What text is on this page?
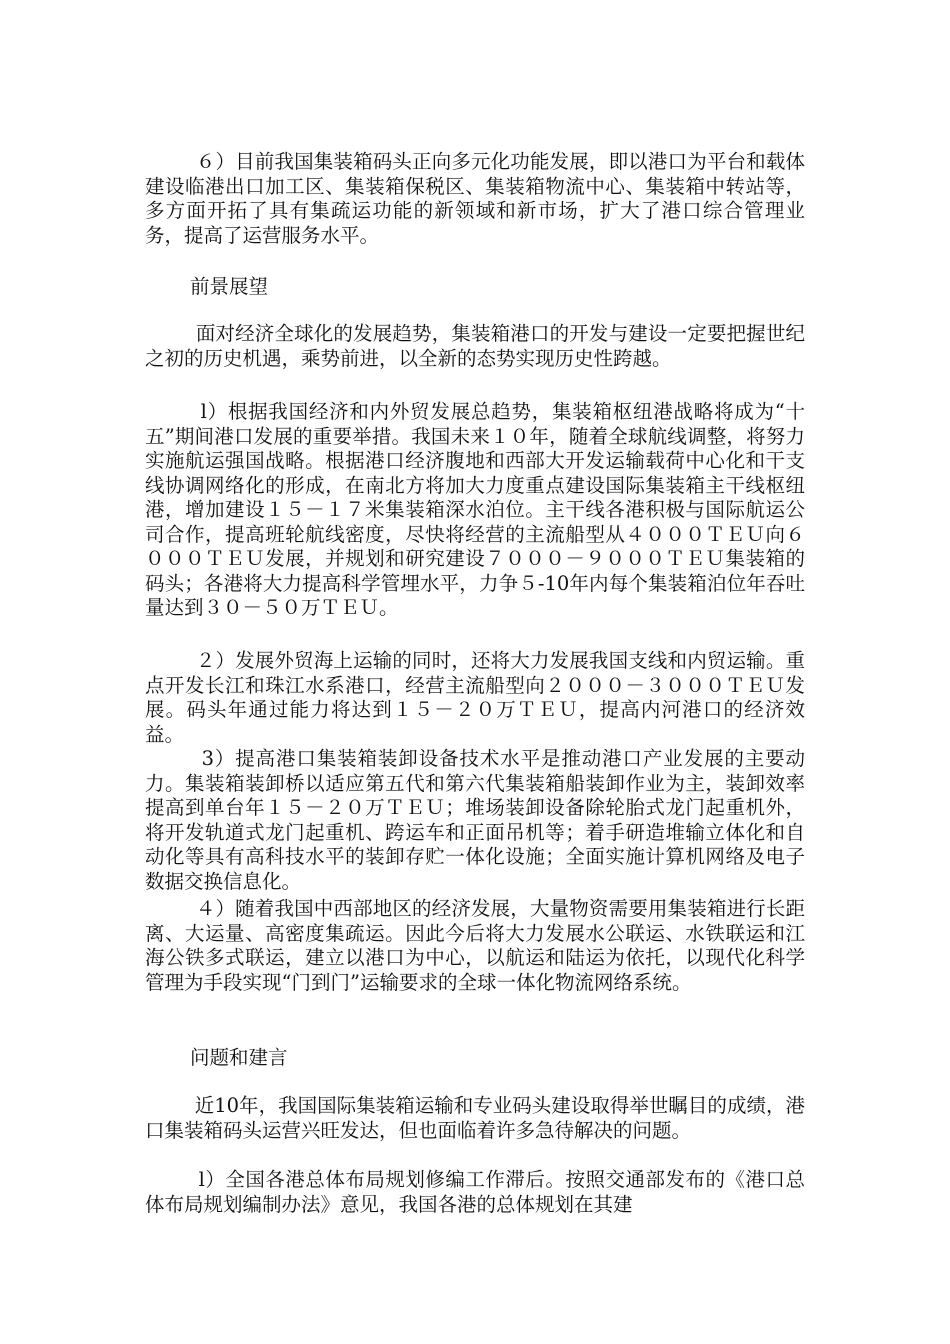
６）目前我国集装箱码头正向多元化功能发展，即以港口为平台和载体建设临港出口加工区、集装箱保税区、集装箱物流中心、集装箱中转站等，多方面开拓了具有集疏运功能的新领域和新市场，扩大了港口综合管理业务，提高了运营服务水平。

前景展望

面对经济全球化的发展趋势，集装箱港口的开发与建设一定要把握世纪之初的历史机遇，乘势前进，以全新的态势实现历史性跨越。

l）根据我国经济和内外贸发展总趋势，集装箱枢纽港战略将成为“十五”期间港口发展的重要举措。我国未来１０年，随着全球航线调整，将努力实施航运强国战略。根据港口经济腹地和西部大开发运输载荷中心化和干支线协调网络化的形成，在南北方将加大力度重点建设国际集装箱主干线枢纽港，增加建设１５－１７米集装箱深水泊位。主干线各港积极与国际航运公司合作，提高班轮航线密度，尽快将经营的主流船型从４０００ＴＥＵ向６０００ＴＥＵ发展，并规划和研究建设７０００－９０００ＴＥＵ集装箱的码头；各港将大力提高科学管埋水平，力争５-10年内每个集装箱泊位年吞吐量达到３０－５０万ＴＥＵ。

２）发展外贸海上运输的同时，还将大力发展我国支线和内贸运输。重点开发长江和珠江水系港口，经营主流船型向２０００－３０００ＴＥＵ发展。码头年通过能力将达到１５－２０万ＴＥＵ，提高内河港口的经济效益。

3）提高港口集装箱装卸设备技术水平是推动港口产业发展的主要动力。集装箱装卸桥以适应第五代和第六代集装箱船装卸作业为主，装卸效率提高到单台年１５－２０万ＴＥＵ；堆场装卸设备除轮胎式龙门起重机外，将开发轨道式龙门起重机、跨运车和正面吊机等；着手研造堆输立体化和自动化等具有高科技水平的装卸存贮一体化设施；全面实施计算机网络及电子数据交换信息化。

４）随着我国中西部地区的经济发展，大量物资需要用集装箱进行长距离、大运量、高密度集疏运。因此今后将大力发展水公联运、水铁联运和江海公铁多式联运，建立以港口为中心，以航运和陆运为依托，以现代化科学管理为手段实现“门到门”运输要求的全球一体化物流网络系统。

问题和建言

近10年，我国国际集装箱运输和专业码头建设取得举世瞩目的成绩，港口集装箱码头运营兴旺发达，但也面临着许多急待解决的问题。

l）全国各港总体布局规划修编工作滞后。按照交通部发布的《港口总体布局规划编制办法》意见，我国各港的总体规划在其建
